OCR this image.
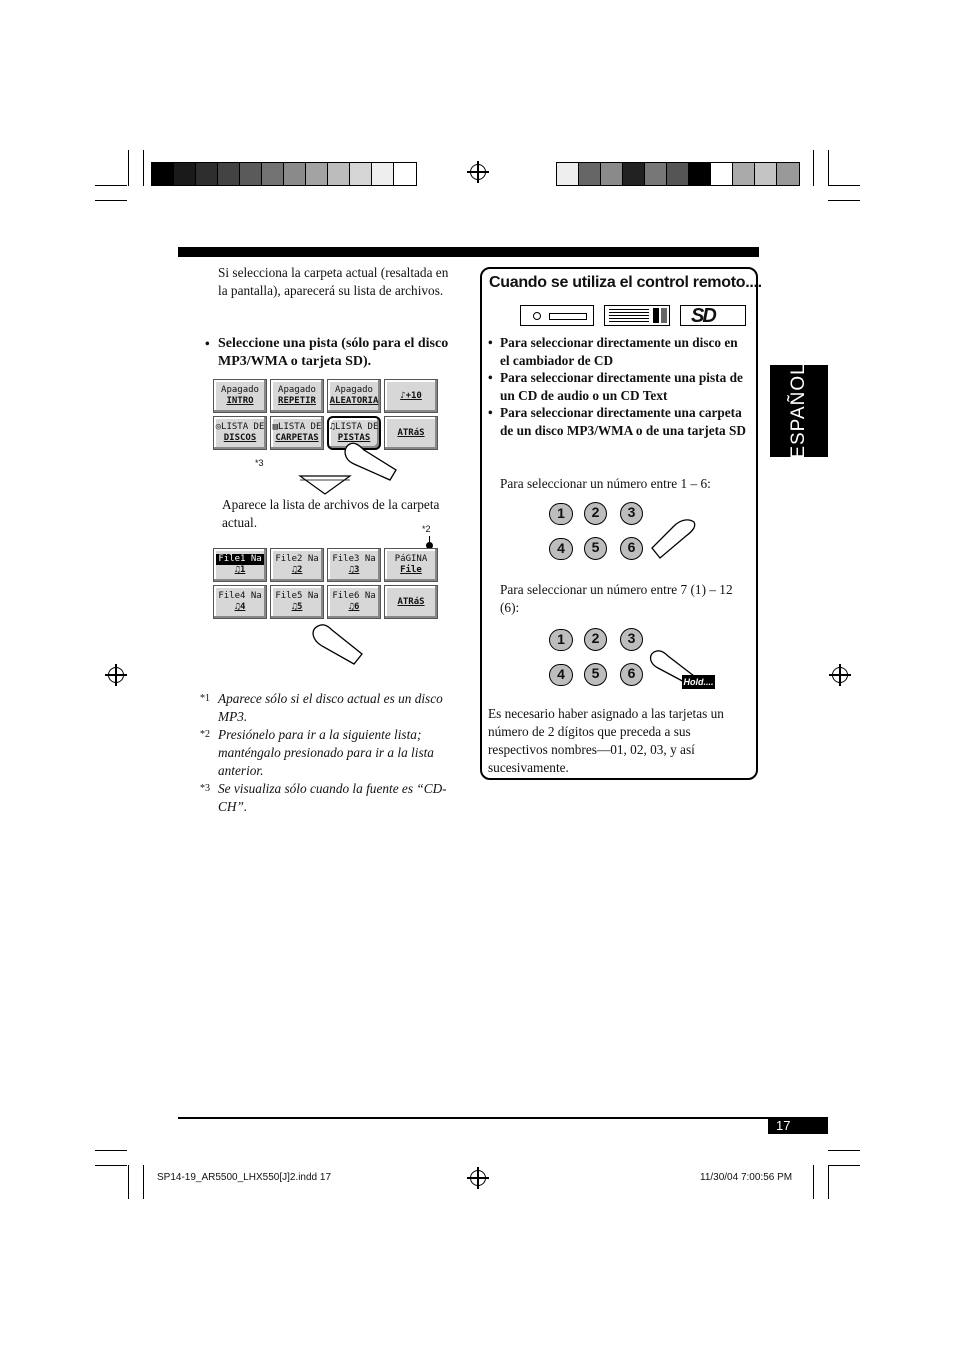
Si selecciona la carpeta actual (resaltada en la pantalla), aparecerá su lista de archivos.
• Seleccione una pista (sólo para el disco MP3/WMA o tarjeta SD).
Apagado
INTRO
Apagado
REPETIR
Apagado
ALEATORIA
♪+10
◎LISTA DE
DISCOS
▤LISTA DE
CARPETAS
♫LISTA DE
PISTAS
ATRáS
*3
Aparece la lista de archivos de la carpeta actual.	*2
File1 Na
♫1
File2 Na
♫2
File3 Na
♫3
PáGINA
File
File4 Na
♫4
File5 Na
♫5
File6 Na
♫6
ATRáS
*1 Aparece sólo si el disco actual es un disco MP3.
*2 Presiónelo para ir a la siguiente lista; manténgalo presionado para ir a la lista anterior.
*3 Se visualiza sólo cuando la fuente es “CD-CH”.
Cuando se utiliza el control remoto....
SD
• Para seleccionar directamente un disco en el cambiador de CD
• Para seleccionar directamente una pista de un CD de audio o un CD Text
• Para seleccionar directamente una carpeta de un disco MP3/WMA o de una tarjeta SD
Para seleccionar un número entre 1 – 6:
1	2	3
4	5	6
Para seleccionar un número entre 7 (1) – 12 (6):
1	2	3
4	5	6
Hold....
Es necesario haber asignado a las tarjetas un número de 2 dígitos que preceda a sus respectivos nombres—01, 02, 03, y así sucesivamente.
ESPAÑOL
17
SP14-19_AR5500_LHX550[J]2.indd 17	11/30/04 7:00:56 PM
